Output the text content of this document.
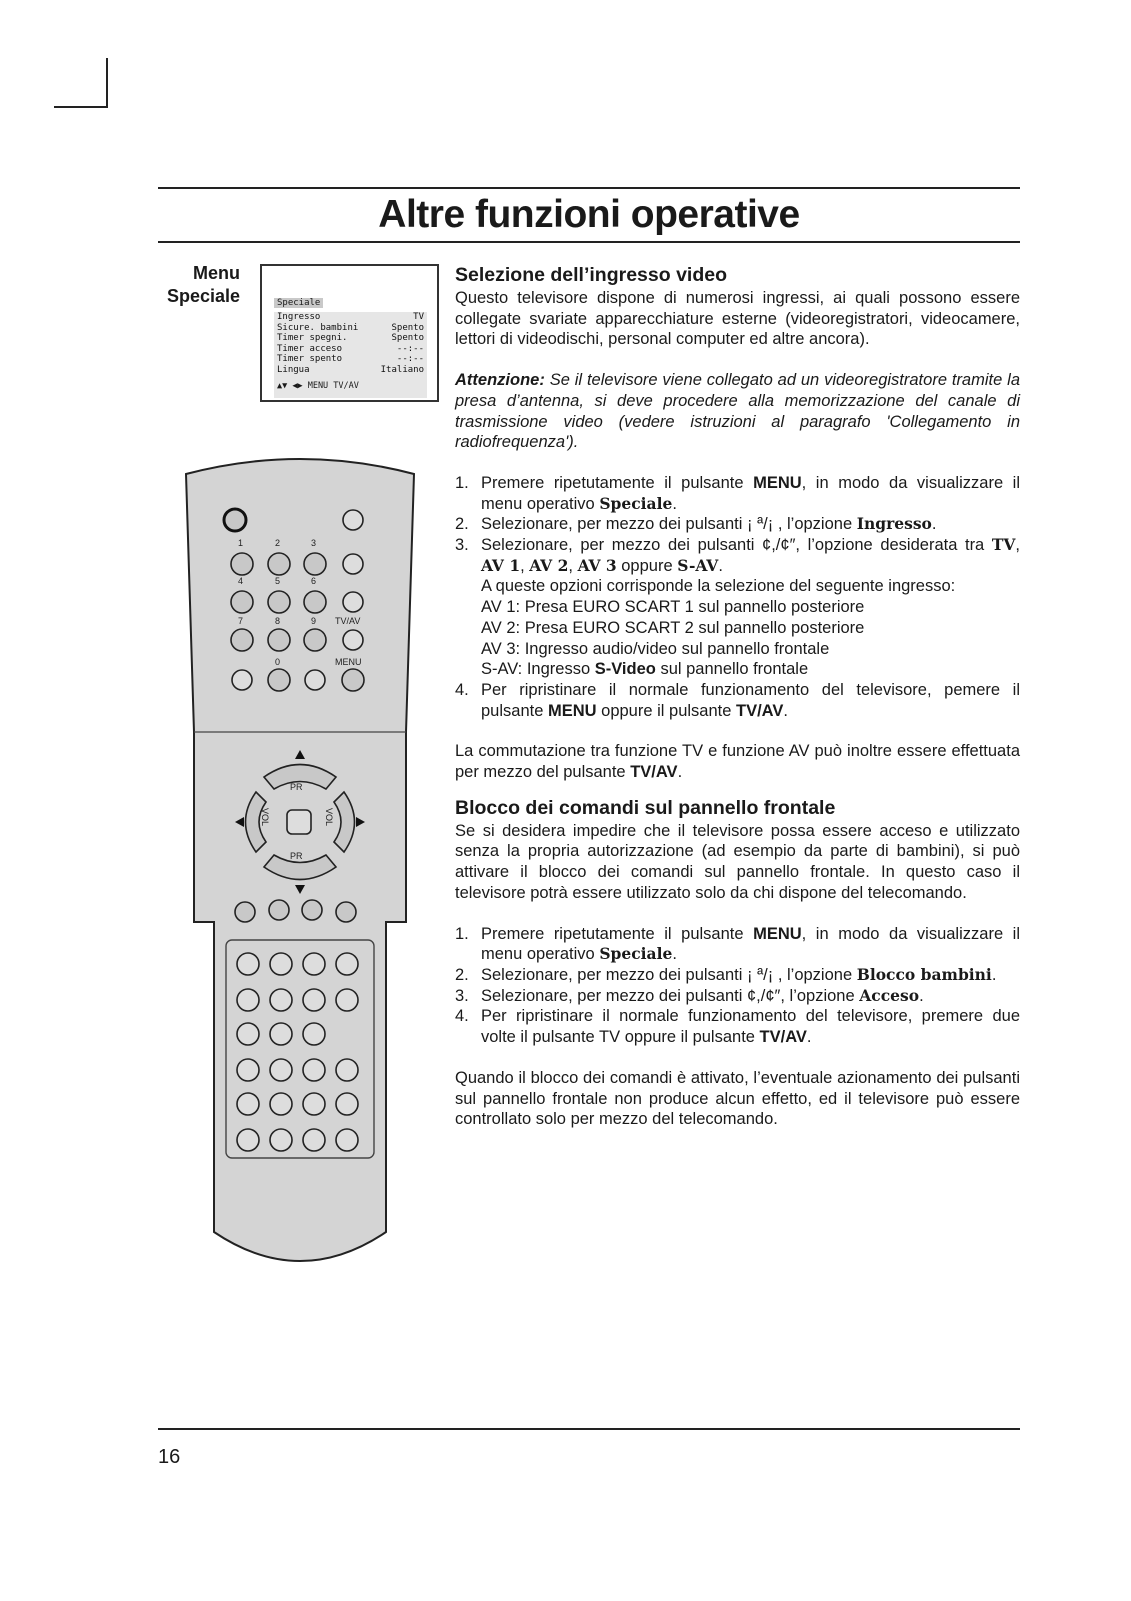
Altre funzioni operative
Menu
Speciale	Speciale
Ingresso	TV
Sicure. bambini	Spento
Timer spegni.	Spento
Timer acceso	--:--
Timer spento	--:--
Lingua	Italiano
▲▼ ◀▶ MENU TV/AV
1	2	3
4	5	6
7	8	9 TV/AV
0	MENU
PR
PR
VOL	VOL
Selezione dell’ingresso video

Questo televisore dispone di numerosi ingressi, ai quali possono essere collegate svariate apparecchiature esterne (videoregistratori, videocamere, lettori di videodischi, personal computer ed altre ancora).

Attenzione: Se il televisore viene collegato ad un videoregistratore tramite la presa d’antenna, si deve procedere alla memorizzazione del canale di trasmissione video (vedere istruzioni al paragrafo 'Collegamento in radiofrequenza').

1. Premere ripetutamente il pulsante MENU, in modo da visualizzare il menu operativo Speciale.
2. Selezionare, per mezzo dei pulsanti ¡ ª/¡ , l’opzione Ingresso.
3. Selezionare, per mezzo dei pulsanti ¢,/¢″, l’opzione desiderata tra TV, AV 1, AV 2, AV 3 oppure S-AV.
A queste opzioni corrisponde la selezione del seguente ingresso:
AV 1: Presa EURO SCART 1 sul pannello posteriore
AV 2: Presa EURO SCART 2 sul pannello posteriore
AV 3: Ingresso audio/video sul pannello frontale
S-AV: Ingresso S-Video sul pannello frontale
4. Per ripristinare il normale funzionamento del televisore, pemere il pulsante MENU oppure il pulsante TV/AV.

La commutazione tra funzione TV e funzione AV può inoltre essere effettuata per mezzo del pulsante TV/AV.

Blocco dei comandi sul pannello frontale

Se si desidera impedire che il televisore possa essere acceso e utilizzato senza la propria autorizzazione (ad esempio da parte di bambini), si può attivare il blocco dei comandi sul pannello frontale. In questo caso il televisore potrà essere utilizzato solo da chi dispone del telecomando.

1. Premere ripetutamente il pulsante MENU, in modo da visualizzare il menu operativo Speciale.
2. Selezionare, per mezzo dei pulsanti ¡ ª/¡ , l’opzione Blocco bambini.
3. Selezionare, per mezzo dei pulsanti ¢,/¢″, l’opzione Acceso.
4. Per ripristinare il normale funzionamento del televisore, premere due volte il pulsante TV oppure il pulsante TV/AV.

Quando il blocco dei comandi è attivato, l’eventuale azionamento dei pulsanti sul pannello frontale non produce alcun effetto, ed il televisore può essere controllato solo per mezzo del telecomando.

16
